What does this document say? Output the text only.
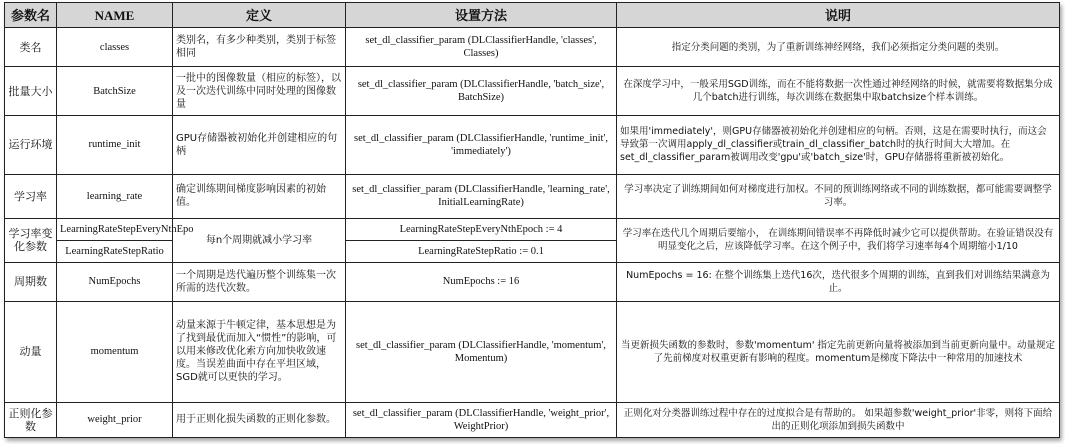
参数名	NAME	定义	设置方法	说明
类名	classes	类别名，有多少种类别，类别于标签相同	set_dl_classifier_param (DLClassifierHandle, 'classes', Classes)	指定分类问题的类别，为了重新训练神经网络，我们必须指定分类问题的类别。
批量大小	BatchSize	一批中的图像数量（相应的标签），以及一次迭代训练中同时处理的图像数量	set_dl_classifier_param (DLClassifierHandle, 'batch_size', BatchSize)	在深度学习中，一般采用SGD训练，而在不能将数据一次性通过神经网络的时候，就需要将数据集分成几个batch进行训练，每次训练在数据集中取batchsize个样本训练。
运行环境	runtime_init	GPU存储器被初始化并创建相应的句柄	set_dl_classifier_param (DLClassifierHandle, 'runtime_init', 'immediately')	如果用'immediately'，则GPU存储器被初始化并创建相应的句柄。否则，这是在需要时执行，而这会导致第一次调用apply_dl_classifier或train_dl_classifier_batch时的执行时间大大增加。在set_dl_classifier_param被调用改变'gpu'或'batch_size'时，GPU存储器将重新被初始化。
学习率	learning_rate	确定训练期间梯度影响因素的初始值。	set_dl_classifier_param (DLClassifierHandle, 'learning_rate', InitialLearningRate)	学习率决定了训练期间如何对梯度进行加权。不同的预训练网络或不同的训练数据，都可能需要调整学习率。
学习率变化参数	LearningRateStepEveryNthEpo	每n个周期就减小学习率	LearningRateStepEveryNthEpoch := 4	学习率在迭代几个周期后要缩小， 在训练期间错误率不再降低时减少它可以提供帮助。在验证错误没有明显变化之后，应该降低学习率。在这个例子中，我们将学习速率每4个周期缩小1/10
	LearningRateStepRatio		LearningRateStepRatio := 0.1	
周期数	NumEpochs	一个周期是迭代遍历整个训练集一次所需的迭代次数。	NumEpochs := 16	NumEpochs = 16: 在整个训练集上迭代16次，迭代很多个周期的训练，直到我们对训练结果满意为止。
动量	momentum	动量来源于牛顿定律，基本思想是为了找到最优而加入“惯性”的影响，可以用来修改优化索方向加快收敛速度。当误差曲面中存在平坦区域，SGD就可以更快的学习。	set_dl_classifier_param (DLClassifierHandle, 'momentum', Momentum)	当更新损失函数的参数时，参数'momentum' 指定先前更新向量将被添加到当前更新向量中。动量规定了先前梯度对权重更新有影响的程度。momentum是梯度下降法中一种常用的加速技术
正则化参数	weight_prior	用于正则化损失函数的正则化参数。	set_dl_classifier_param (DLClassifierHandle, 'weight_prior', WeightPrior)	正则化对分类器训练过程中存在的过度拟合是有帮助的。 如果超参数'weight_prior'非零，则将下面给出的正则化项添加到损失函数中
